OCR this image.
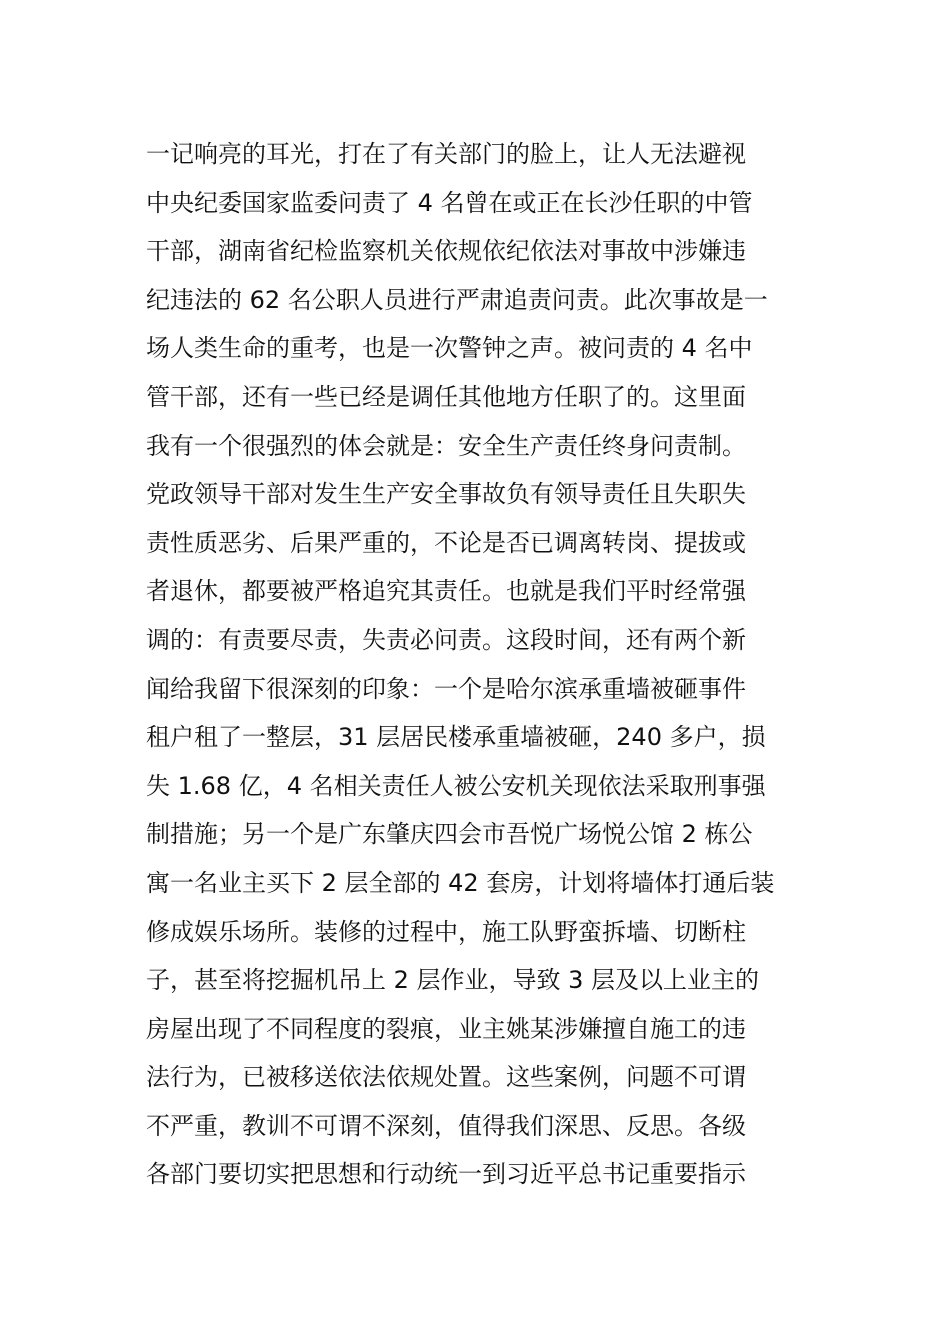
一记响亮的耳光，打在了有关部门的脸上，让人无法避视
中央纪委国家监委问责了 4 名曾在或正在长沙任职的中管
干部，湖南省纪检监察机关依规依纪依法对事故中涉嫌违
纪违法的 62 名公职人员进行严肃追责问责。此次事故是一
场人类生命的重考，也是一次警钟之声。被问责的 4 名中
管干部，还有一些已经是调任其他地方任职了的。这里面
我有一个很强烈的体会就是：安全生产责任终身问责制。
党政领导干部对发生生产安全事故负有领导责任且失职失
责性质恶劣、后果严重的，不论是否已调离转岗、提拔或
者退休，都要被严格追究其责任。也就是我们平时经常强
调的：有责要尽责，失责必问责。这段时间，还有两个新
闻给我留下很深刻的印象：一个是哈尔滨承重墙被砸事件
租户租了一整层，31 层居民楼承重墙被砸，240 多户，损
失 1.68 亿，4 名相关责任人被公安机关现依法采取刑事强
制措施；另一个是广东肇庆四会市吾悦广场悦公馆 2 栋公
寓一名业主买下 2 层全部的 42 套房，计划将墙体打通后装
修成娱乐场所。装修的过程中，施工队野蛮拆墙、切断柱
子，甚至将挖掘机吊上 2 层作业，导致 3 层及以上业主的
房屋出现了不同程度的裂痕，业主姚某涉嫌擅自施工的违
法行为，已被移送依法依规处置。这些案例，问题不可谓
不严重，教训不可谓不深刻，值得我们深思、反思。各级
各部门要切实把思想和行动统一到习近平总书记重要指示
